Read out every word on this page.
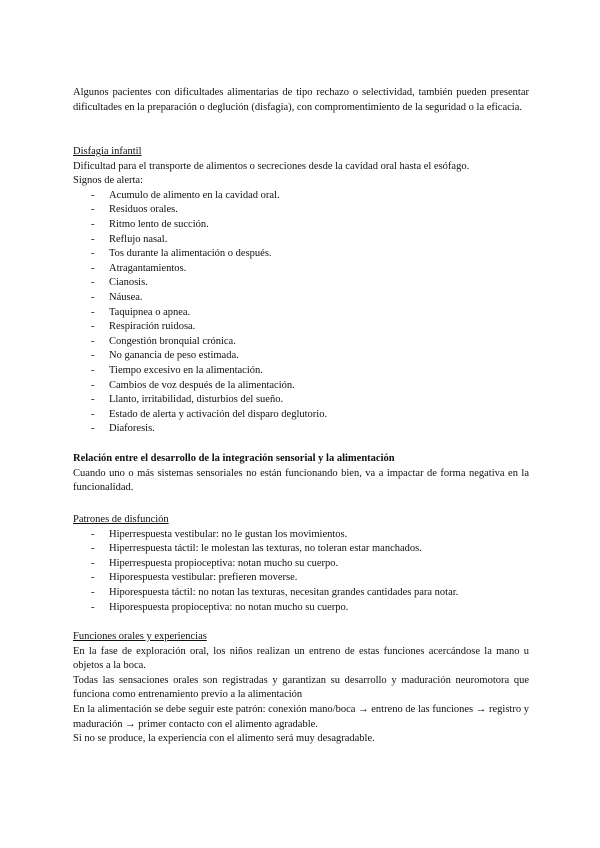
Algunos pacientes con dificultades alimentarias de tipo rechazo o selectividad, también pueden presentar dificultades en la preparación o deglución (disfagia), con compromentimiento de la seguridad o la eficacia.

Disfagia infantil

Dificultad para el transporte de alimentos o secreciones desde la cavidad oral hasta el esófago.

Signos de alerta:

- Acumulo de alimento en la cavidad oral.
- Residuos orales.
- Ritmo lento de succión.
- Reflujo nasal.
- Tos durante la alimentación o después.
- Atragantamientos.
- Cianosis.
- Náusea.
- Taquipnea o apnea.
- Respiración ruidosa.
- Congestión bronquial crónica.
- No ganancia de peso estimada.
- Tiempo excesivo en la alimentación.
- Cambios de voz después de la alimentación.
- Llanto, irritabilidad, disturbios del sueño.
- Estado de alerta y activación del disparo deglutorio.
- Diaforesis.

Relación entre el desarrollo de la integración sensorial y la alimentación

Cuando uno o más sistemas sensoriales no están funcionando bien, va a impactar de forma negativa en la funcionalidad.

Patrones de disfunción

- Hiperrespuesta vestibular: no le gustan los movimientos.
- Hiperrespuesta táctil: le molestan las texturas, no toleran estar manchados.
- Hiperrespuesta propioceptiva: notan mucho su cuerpo.
- Hiporespuesta vestibular: prefieren moverse.
- Hiporespuesta táctil: no notan las texturas, necesitan grandes cantidades para notar.
- Hiporespuesta propioceptiva: no notan mucho su cuerpo.

Funciones orales y experiencias

En la fase de exploración oral, los niños realizan un entreno de estas funciones acercándose la mano u objetos a la boca.

Todas las sensaciones orales son registradas y garantizan su desarrollo y maduración neuromotora que funciona como entrenamiento previo a la alimentación

En la alimentación se debe seguir este patrón: conexión mano/boca → entreno de las funciones → registro y maduración → primer contacto con el alimento agradable.

Si no se produce, la experiencia con el alimento será muy desagradable.
